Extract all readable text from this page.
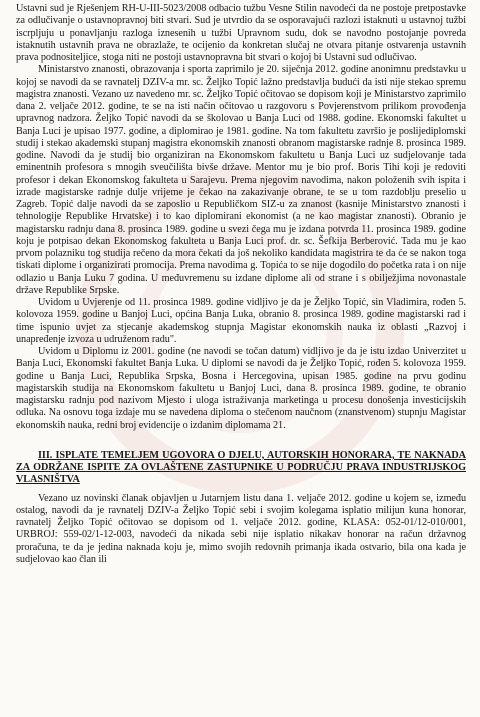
Ustavni sud je Rješenjem RH-U-III-5023/2008 odbacio tužbu Vesne Stilin navodeći da ne postoje pretpostavke za odlučivanje o ustavnopravnoj biti stvari. Sud je utvrdio da se osporavajući razlozi istaknuti u ustavnoj tužbi iscrpljuju u ponavljanju razloga iznesenih u tužbi Upravnom sudu, dok se navodno postojanje povreda istaknutih ustavnih prava ne obrazlaže, te ocijenio da konkretan slučaj ne otvara pitanje ostvarenja ustavnih prava podnositeljice, stoga niti ne postoji ustavnopravna bit stvari o kojoj bi Ustavni sud odlučivao.

Ministarstvo znanosti, obrazovanja i sporta zaprimilo je 20. siječnja 2012. godine anonimnu predstavku u kojoj se navodi da se ravnatelj DZIV-a mr. sc. Željko Topić lažno predstavlja budući da isti nije stekao spremu magistra znanosti. Vezano uz navedeno mr. sc. Željko Topić očitovao se dopisom koji je Ministarstvo zaprimilo dana 2. veljače 2012. godine, te se na isti način očitovao u razgovoru s Povjerenstvom prilikom provođenja upravnog nadzora. Željko Topić navodi da se školovao u Banja Luci od 1988. godine. Ekonomski fakultet u Banja Luci je upisao 1977. godine, a diplomirao je 1981. godine. Na tom fakultetu završio je poslijediplomski studij i stekao akademski stupanj magistra ekonomskih znanosti obranom magistarske radnje 8. prosinca 1989. godine. Navodi da je studij bio organiziran na Ekonomskom fakultetu u Banja Luci uz sudjelovanje tada eminentnih profesora s mnogih sveučilišta bivše države. Mentor mu je bio prof. Boris Tihi koji je redoviti profesor i dekan Ekonomskog fakulteta u Sarajevu. Prema njegovim navodima, nakon položenih svih ispita i izrade magistarske radnje dulje vrijeme je čekao na zakazivanje obrane, te se u tom razdoblju preselio u Zagreb. Topić dalje navodi da se zaposlio u Republičkom SIZ-u za znanost (kasnije Ministarstvo znanosti i tehnologije Republike Hrvatske) i to kao diplomirani ekonomist (a ne kao magistar znanosti). Obranio je magistarsku radnju dana 8. prosinca 1989. godine u svezi čega mu je izdana potvrda 11. prosinca 1989. godine koju je potpisao dekan Ekonomskog fakulteta u Banja Luci prof. dr. sc. Šefkija Berberović. Tada mu je kao prvom polazniku tog studija rečeno da mora čekati da još nekoliko kandidata magistrira te da će se nakon toga tiskati diplome i organizirati promocija. Prema navodima g. Topića to se nije dogodilo do početka rata i on nije odlazio u Banja Luku 7 godina. U međuvremenu su izdane diplome ali od strane i s obilježjima novonastale države Republike Srpske.

Uvidom u Uvjerenje od 11. prosinca 1989. godine vidljivo je da je Željko Topić, sin Vladimira, rođen 5. kolovoza 1959. godine u Banjoj Luci, općina Banja Luka, obranio 8. prosinca 1989. godine magistarski rad i time ispunio uvjet za stjecanje akademskog stupnja Magistar ekonomskih nauka iz oblasti „Razvoj i unapređenje izvoza u udruženom radu".

Uvidom u Diplomu iz 2001. godine (ne navodi se točan datum) vidljivo je da je istu izdao Univerzitet u Banja Luci, Ekonomski fakultet Banja Luka. U diplomi se navodi da je Željko Topić, rođen 5. kolovoza 1959. godine u Banja Luci, Republika Srpska, Bosna i Hercegovina, upisan 1985. godine na prvu godinu magistarskih studija na Ekonomskom fakultetu u Banjoj Luci, dana 8. prosinca 1989. godine, te obranio magistarsku radnju pod nazivom Mjesto i uloga istraživanja marketinga u procesu donošenja investicijskih odluka. Na osnovu toga izdaje mu se navedena diploma o stečenom naučnom (znanstvenom) stupnju Magistar ekonomskih nauka, redni broj evidencije o izdanim diplomama 21.

III. ISPLATE TEMELJEM UGOVORA O DJELU, AUTORSKIH HONORARA, TE NAKNADA ZA ODRŽANE ISPITE ZA OVLAŠTENE ZASTUPNIKE U PODRUČJU PRAVA INDUSTRIJSKOG VLASNIŠTVA

Vezano uz novinski članak objavljen u Jutarnjem listu dana 1. veljače 2012. godine u kojem se, između ostalog, navodi da je ravnatelj DZIV-a Željko Topić sebi i svojim kolegama isplatio milijun kuna honorar, ravnatelj Željko Topić očitovao se dopisom od 1. veljače 2012. godine, KLASA: 052-01/12-010/001, URBROJ: 559-02/1-12-003, navodeći da nikada sebi nije isplatio nikakav honorar na račun državnog proračuna, te da je jedina naknada koju je, mimo svojih redovnih primanja ikada ostvario, bila ona kada je sudjelovao kao član ili
